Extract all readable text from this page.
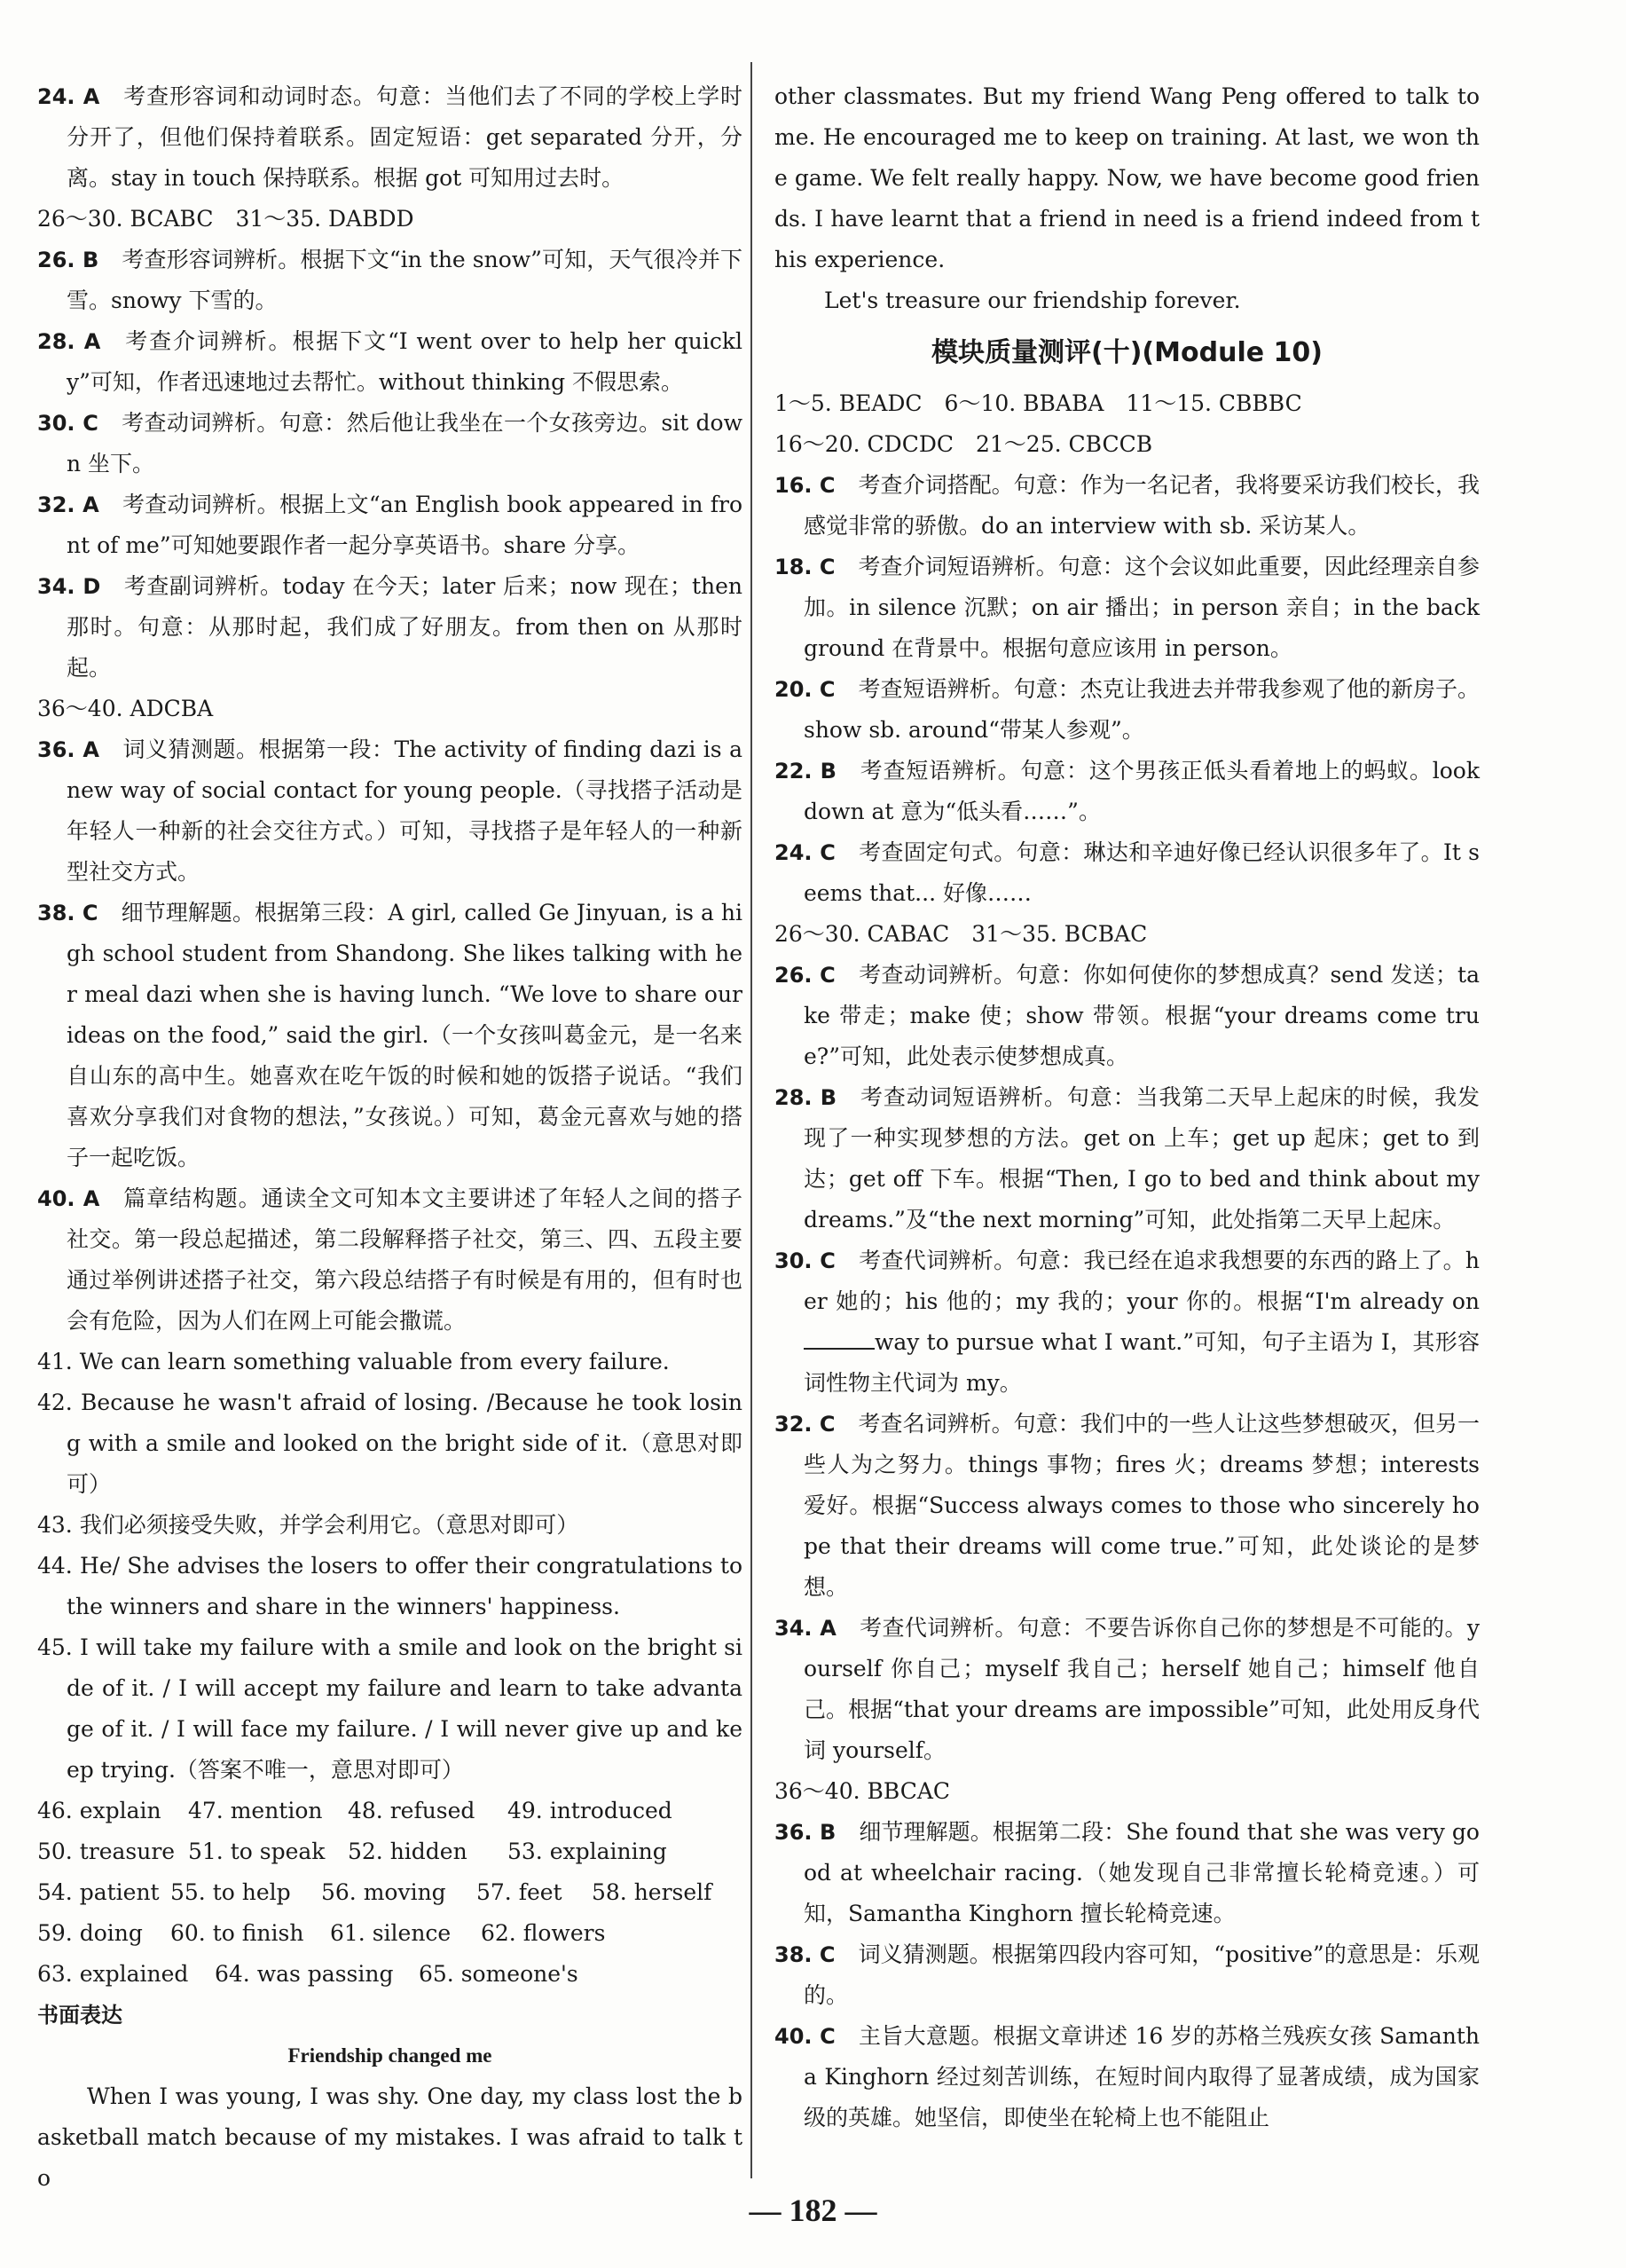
24. A 考查形容词和动词时态。句意：当他们去了不同的学校上学时分开了，但他们保持着联系。固定短语：get separated 分开，分离。stay in touch 保持联系。根据 got 可知用过去时。

26～30. BCABC　31～35. DABDD

26. B 考查形容词辨析。根据下文“in the snow”可知，天气很冷并下雪。snowy 下雪的。

28. A 考查介词辨析。根据下文“I went over to help her quickly”可知，作者迅速地过去帮忙。without thinking 不假思索。

30. C 考查动词辨析。句意：然后他让我坐在一个女孩旁边。sit down 坐下。

32. A 考查动词辨析。根据上文“an English book appeared in front of me”可知她要跟作者一起分享英语书。share 分享。

34. D 考查副词辨析。today 在今天；later 后来；now 现在；then 那时。句意：从那时起，我们成了好朋友。from then on 从那时起。

36～40. ADCBA

36. A 词义猜测题。根据第一段：The activity of finding dazi is a new way of social contact for young people.（寻找搭子活动是年轻人一种新的社会交往方式。）可知，寻找搭子是年轻人的一种新型社交方式。

38. C 细节理解题。根据第三段：A girl, called Ge Jinyuan, is a high school student from Shandong. She likes talking with her meal dazi when she is having lunch. “We love to share our ideas on the food,” said the girl.（一个女孩叫葛金元，是一名来自山东的高中生。她喜欢在吃午饭的时候和她的饭搭子说话。“我们喜欢分享我们对食物的想法，”女孩说。）可知，葛金元喜欢与她的搭子一起吃饭。

40. A 篇章结构题。通读全文可知本文主要讲述了年轻人之间的搭子社交。第一段总起描述，第二段解释搭子社交，第三、四、五段主要通过举例讲述搭子社交，第六段总结搭子有时候是有用的，但有时也会有危险，因为人们在网上可能会撒谎。

41. We can learn something valuable from every failure.

42. Because he wasn't afraid of losing. /Because he took losing with a smile and looked on the bright side of it.（意思对即可）

43. 我们必须接受失败，并学会利用它。（意思对即可）

44. He/ She advises the losers to offer their congratulations to the winners and share in the winners' happiness.

45. I will take my failure with a smile and look on the bright side of it. / I will accept my failure and learn to take advantage of it. / I will face my failure. / I will never give up and keep trying.（答案不唯一，意思对即可）

46. explain 47. mention 48. refused 49. introduced

50. treasure 51. to speak 52. hidden 53. explaining

54. patient 55. to help 56. moving 57. feet 58. herself

59. doing 60. to finish 61. silence 62. flowers

63. explained 64. was passing 65. someone's

书面表达

Friendship changed me

When I was young, I was shy. One day, my class lost the basketball match because of my mistakes. I was afraid to talk to

other classmates. But my friend Wang Peng offered to talk to me. He encouraged me to keep on training. At last, we won the game. We felt really happy. Now, we have become good friends. I have learnt that a friend in need is a friend indeed from this experience.

Let's treasure our friendship forever.

模块质量测评(十)(Module 10)

1～5. BEADC　6～10. BBABA　11～15. CBBBC

16～20. CDCDC　21～25. CBCCB

16. C 考查介词搭配。句意：作为一名记者，我将要采访我们校长，我感觉非常的骄傲。do an interview with sb. 采访某人。

18. C 考查介词短语辨析。句意：这个会议如此重要，因此经理亲自参加。in silence 沉默；on air 播出；in person 亲自；in the background 在背景中。根据句意应该用 in person。

20. C 考查短语辨析。句意：杰克让我进去并带我参观了他的新房子。show sb. around“带某人参观”。

22. B 考查短语辨析。句意：这个男孩正低头看着地上的蚂蚁。look down at 意为“低头看……”。

24. C 考查固定句式。句意：琳达和辛迪好像已经认识很多年了。It seems that... 好像……

26～30. CABAC　31～35. BCBAC

26. C 考查动词辨析。句意：你如何使你的梦想成真？send 发送；take 带走；make 使；show 带领。根据“your dreams come true?”可知，此处表示使梦想成真。

28. B 考查动词短语辨析。句意：当我第二天早上起床的时候，我发现了一种实现梦想的方法。get on 上车；get up 起床；get to 到达；get off 下车。根据“Then, I go to bed and think about my dreams.”及“the next morning”可知，此处指第二天早上起床。

30. C 考查代词辨析。句意：我已经在追求我想要的东西的路上了。her 她的；his 他的；my 我的；your 你的。根据“I'm already on way to pursue what I want.”可知，句子主语为 I，其形容词性物主代词为 my。

32. C 考查名词辨析。句意：我们中的一些人让这些梦想破灭，但另一些人为之努力。things 事物；fires 火；dreams 梦想；interests 爱好。根据“Success always comes to those who sincerely hope that their dreams will come true.”可知，此处谈论的是梦想。

34. A 考查代词辨析。句意：不要告诉你自己你的梦想是不可能的。yourself 你自己；myself 我自己；herself 她自己；himself 他自己。根据“that your dreams are impossible”可知，此处用反身代词 yourself。

36～40. BBCAC

36. B 细节理解题。根据第二段：She found that she was very good at wheelchair racing.（她发现自己非常擅长轮椅竞速。）可知，Samantha Kinghorn 擅长轮椅竞速。

38. C 词义猜测题。根据第四段内容可知，“positive”的意思是：乐观的。

40. C 主旨大意题。根据文章讲述 16 岁的苏格兰残疾女孩 Samantha Kinghorn 经过刻苦训练，在短时间内取得了显著成绩，成为国家级的英雄。她坚信，即使坐在轮椅上也不能阻止

— 182 —
